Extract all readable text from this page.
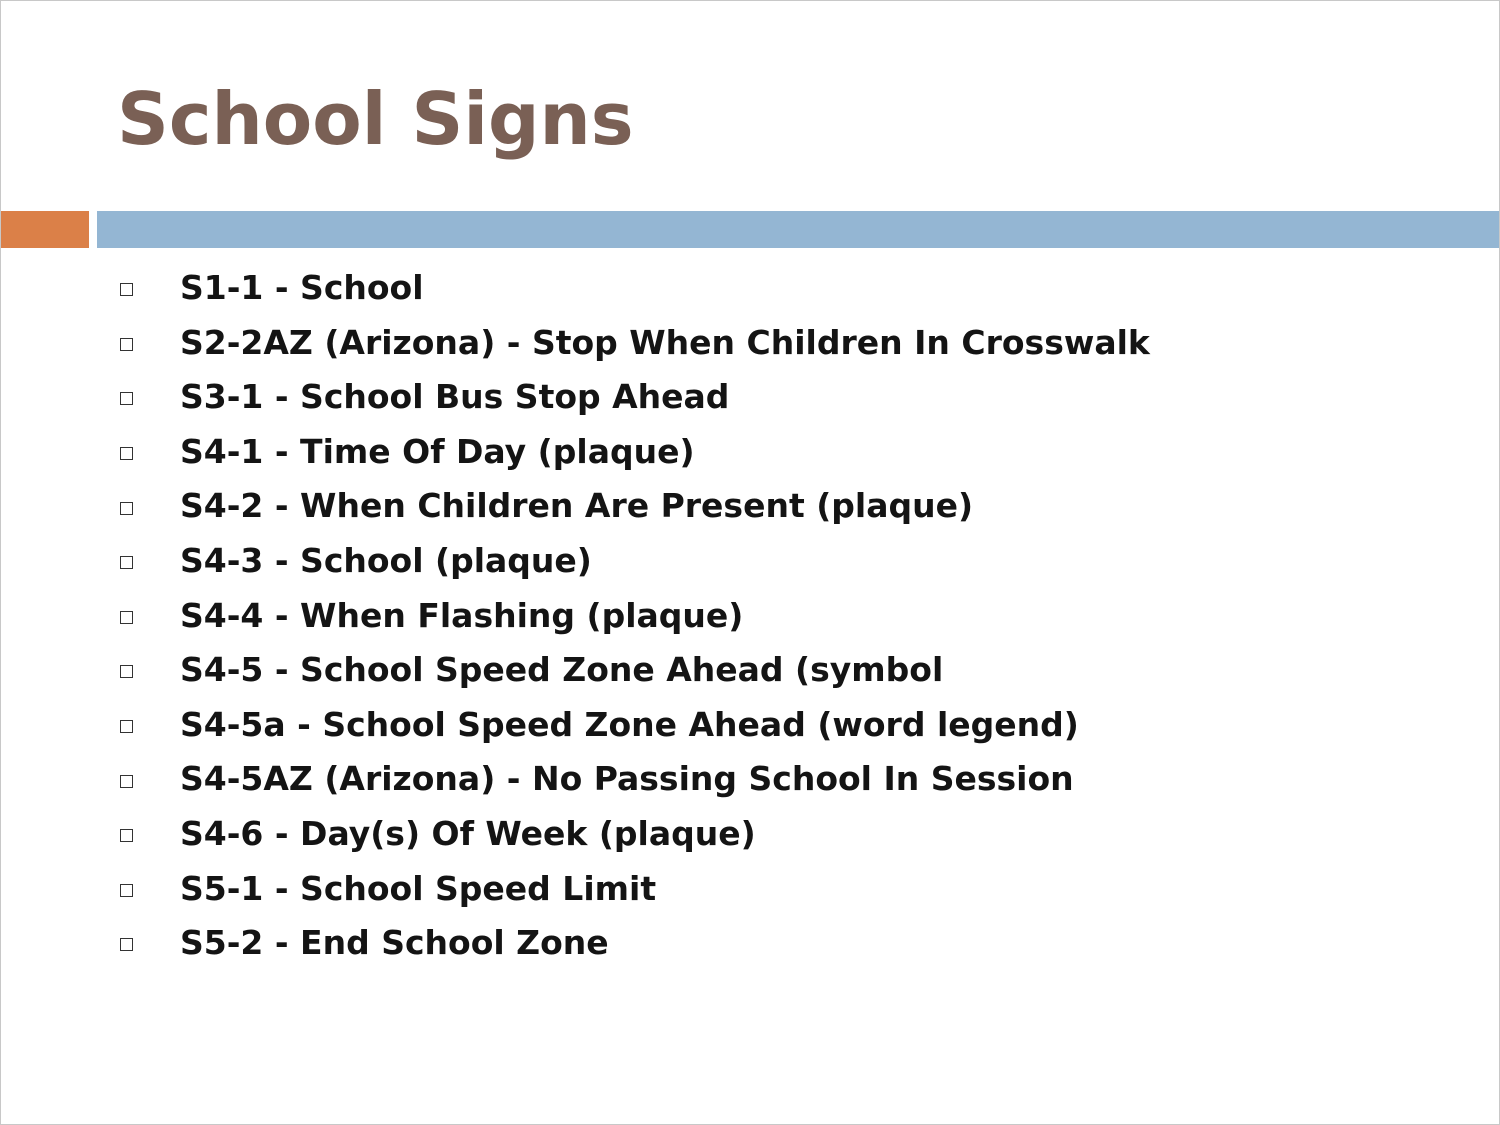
School Signs
S1-1 - School
S2-2AZ (Arizona) - Stop When Children In Crosswalk
S3-1 - School Bus Stop Ahead
S4-1 - Time Of Day (plaque)
S4-2 - When Children Are Present (plaque)
S4-3 - School (plaque)
S4-4 - When Flashing (plaque)
S4-5 - School Speed Zone Ahead (symbol
S4-5a - School Speed Zone Ahead (word legend)
S4-5AZ (Arizona) - No Passing School In Session
S4-6 - Day(s) Of Week (plaque)
S5-1 - School Speed Limit
S5-2 - End School Zone
